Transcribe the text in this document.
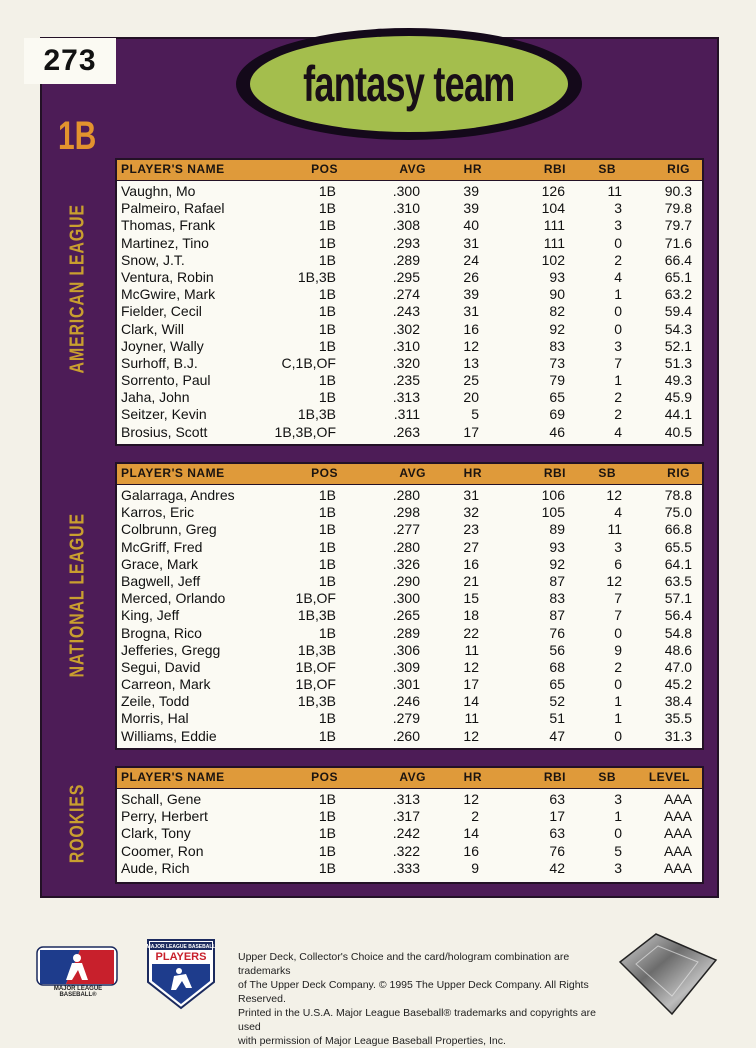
273	fantasy team
1B
AMERICAN LEAGUE
NATIONAL LEAGUE
ROOKIES
PLAYER'S NAME	POS	AVG	HR	RBI	SB	RIG
Vaughn, Mo	1B	.300	39	126	11	90.3
Palmeiro, Rafael	1B	.310	39	104	3	79.8
Thomas, Frank	1B	.308	40	111	3	79.7
Martinez, Tino	1B	.293	31	111	0	71.6
Snow, J.T.	1B	.289	24	102	2	66.4
Ventura, Robin	1B,3B	.295	26	93	4	65.1
McGwire, Mark	1B	.274	39	90	1	63.2
Fielder, Cecil	1B	.243	31	82	0	59.4
Clark, Will	1B	.302	16	92	0	54.3
Joyner, Wally	1B	.310	12	83	3	52.1
Surhoff, B.J.	C,1B,OF	.320	13	73	7	51.3
Sorrento, Paul	1B	.235	25	79	1	49.3
Jaha, John	1B	.313	20	65	2	45.9
Seitzer, Kevin	1B,3B	.311	5	69	2	44.1
Brosius, Scott	1B,3B,OF	.263	17	46	4	40.5
PLAYER'S NAME	POS	AVG	HR	RBI	SB	RIG
Galarraga, Andres	1B	.280	31	106	12	78.8
Karros, Eric	1B	.298	32	105	4	75.0
Colbrunn, Greg	1B	.277	23	89	11	66.8
McGriff, Fred	1B	.280	27	93	3	65.5
Grace, Mark	1B	.326	16	92	6	64.1
Bagwell, Jeff	1B	.290	21	87	12	63.5
Merced, Orlando	1B,OF	.300	15	83	7	57.1
King, Jeff	1B,3B	.265	18	87	7	56.4
Brogna, Rico	1B	.289	22	76	0	54.8
Jefferies, Gregg	1B,3B	.306	11	56	9	48.6
Segui, David	1B,OF	.309	12	68	2	47.0
Carreon, Mark	1B,OF	.301	17	65	0	45.2
Zeile, Todd	1B,3B	.246	14	52	1	38.4
Morris, Hal	1B	.279	11	51	1	35.5
Williams, Eddie	1B	.260	12	47	0	31.3
PLAYER'S NAME	POS	AVG	HR	RBI	SB	LEVEL
Schall, Gene	1B	.313	12	63	3	AAA
Perry, Herbert	1B	.317	2	17	1	AAA
Clark, Tony	1B	.242	14	63	0	AAA
Coomer, Ron	1B	.322	16	76	5	AAA
Aude, Rich	1B	.333	9	42	3	AAA
MAJOR LEAGUE BASEBALL®
MAJOR LEAGUE BASEBALL
PLAYERS	Upper Deck, Collector's Choice and the card/hologram combination are trademarks
of The Upper Deck Company. © 1995 The Upper Deck Company. All Rights Reserved.
Printed in the U.S.A. Major League Baseball® trademarks and copyrights are used
with permission of Major League Baseball Properties, Inc.
